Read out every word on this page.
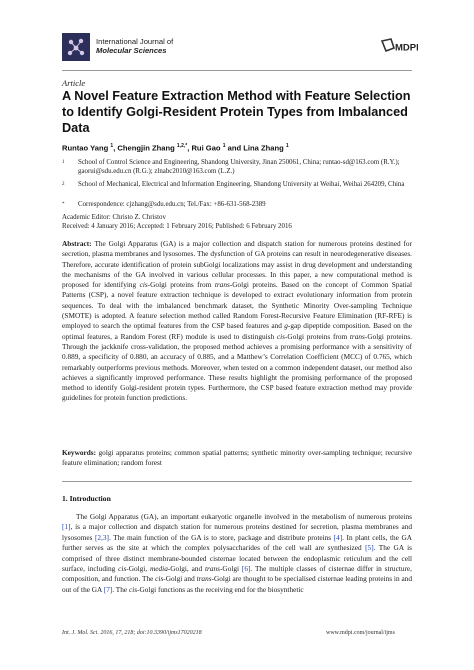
International Journal of
Molecular Sciences	MDPI
Article
A Novel Feature Extraction Method with Feature Selection to Identify Golgi-Resident Protein Types from Imbalanced Data
Runtao Yang $^1$, Chengjin Zhang $^{1,2,*}$, Rui Gao $^1$ and Lina Zhang $^1$
1 School of Control Science and Engineering, Shandong University, Jinan 250061, China; runtao-sd@163.com (R.Y.); gaorui@sdu.edu.cn (R.G.); zlnabc2010@163.com (L.Z.)
2 School of Mechanical, Electrical and Information Engineering, Shandong University at Weihai, Weihai 264209, China
* Correspondence: cjzhang@sdu.edu.cn; Tel./Fax: +86-631-568-2389
Academic Editor: Christo Z. Christov
Received: 4 January 2016; Accepted: 1 February 2016; Published: 6 February 2016
Abstract: The Golgi Apparatus (GA) is a major collection and dispatch station for numerous proteins destined for secretion, plasma membranes and lysosomes. The dysfunction of GA proteins can result in neurodegenerative diseases. Therefore, accurate identification of protein subGolgi localizations may assist in drug development and understanding the mechanisms of the GA involved in various cellular processes. In this paper, a new computational method is proposed for identifying cis-Golgi proteins from trans-Golgi proteins. Based on the concept of Common Spatial Patterns (CSP), a novel feature extraction technique is developed to extract evolutionary information from protein sequences. To deal with the imbalanced benchmark dataset, the Synthetic Minority Over-sampling Technique (SMOTE) is adopted. A feature selection method called Random Forest-Recursive Feature Elimination (RF-RFE) is employed to search the optimal features from the CSP based features and g-gap dipeptide composition. Based on the optimal features, a Random Forest (RF) module is used to distinguish cis-Golgi proteins from trans-Golgi proteins. Through the jackknife cross-validation, the proposed method achieves a promising performance with a sensitivity of 0.889, a specificity of 0.880, an accuracy of 0.885, and a Matthew’s Correlation Coefficient (MCC) of 0.765, which remarkably outperforms previous methods. Moreover, when tested on a common independent dataset, our method also achieves a significantly improved performance. These results highlight the promising performance of the proposed method to identify Golgi-resident protein types. Furthermore, the CSP based feature extraction method may provide guidelines for protein function predictions.
Keywords: golgi apparatus proteins; common spatial patterns; synthetic minority over-sampling technique; recursive feature elimination; random forest
1. Introduction
The Golgi Apparatus (GA), an important eukaryotic organelle involved in the metabolism of numerous proteins [1], is a major collection and dispatch station for numerous proteins destined for secretion, plasma membranes and lysosomes [2,3]. The main function of the GA is to store, package and distribute proteins [4]. In plant cells, the GA further serves as the site at which the complex polysaccharides of the cell wall are synthesized [5]. The GA is comprised of three distinct membrane-bounded cisternae located between the endoplasmic reticulum and the cell surface, including cis-Golgi, media-Golgi, and trans-Golgi [6]. The multiple classes of cisternae differ in structure, composition, and function. The cis-Golgi and trans-Golgi are thought to be specialised cisternae leading proteins in and out of the GA [7]. The cis-Golgi functions as the receiving end for the biosynthetic
Int. J. Mol. Sci. 2016, 17, 218; doi:10.3390/ijms17020218	www.mdpi.com/journal/ijms
